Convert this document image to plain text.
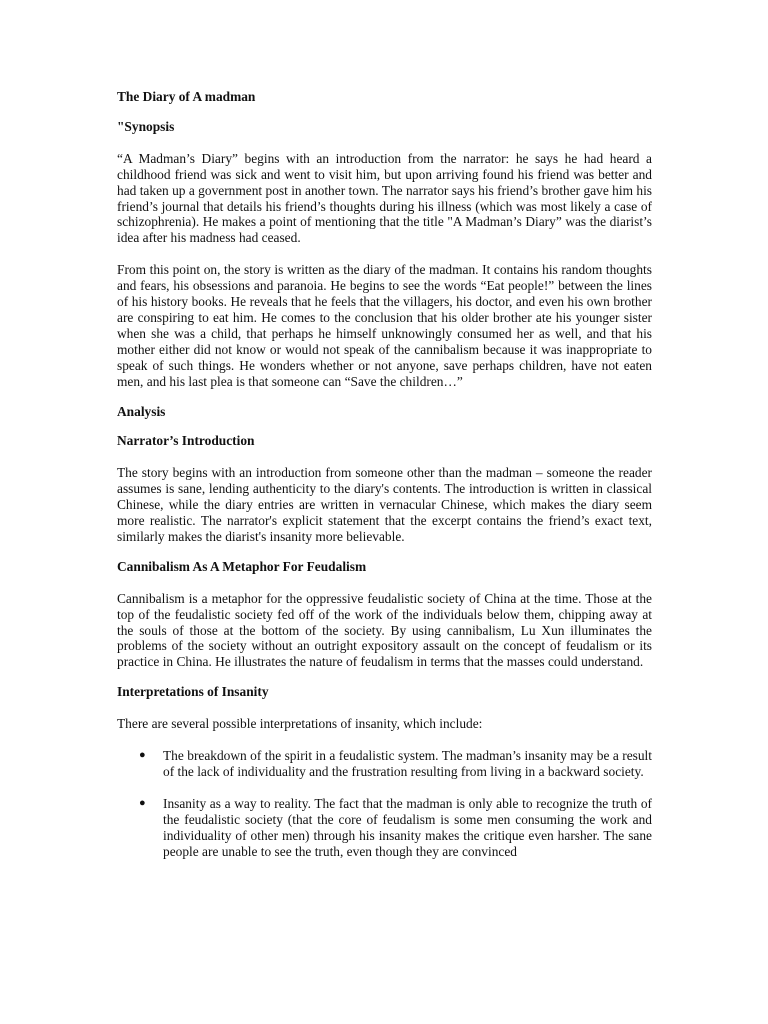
The Diary of A madman
"Synopsis

“A Madman’s Diary” begins with an introduction from the narrator: he says he had heard a childhood friend was sick and went to visit him, but upon arriving found his friend was better and had taken up a government post in another town. The narrator says his friend’s brother gave him his friend’s journal that details his friend’s thoughts during his illness (which was most likely a case of schizophrenia). He makes a point of mentioning that the title "A Madman’s Diary” was the diarist’s idea after his madness had ceased.

From this point on, the story is written as the diary of the madman. It contains his random thoughts and fears, his obsessions and paranoia. He begins to see the words “Eat people!” between the lines of his history books. He reveals that he feels that the villagers, his doctor, and even his own brother are conspiring to eat him. He comes to the conclusion that his older brother ate his younger sister when she was a child, that perhaps he himself unknowingly consumed her as well, and that his mother either did not know or would not speak of the cannibalism because it was inappropriate to speak of such things. He wonders whether or not anyone, save perhaps children, have not eaten men, and his last plea is that someone can “Save the children…”

Analysis
Narrator’s Introduction

The story begins with an introduction from someone other than the madman – someone the reader assumes is sane, lending authenticity to the diary's contents. The introduction is written in classical Chinese, while the diary entries are written in vernacular Chinese, which makes the diary seem more realistic. The narrator's explicit statement that the excerpt contains the friend’s exact text, similarly makes the diarist's insanity more believable.

Cannibalism As A Metaphor For Feudalism

Cannibalism is a metaphor for the oppressive feudalistic society of China at the time. Those at the top of the feudalistic society fed off of the work of the individuals below them, chipping away at the souls of those at the bottom of the society. By using cannibalism, Lu Xun illuminates the problems of the society without an outright expository assault on the concept of feudalism or its practice in China. He illustrates the nature of feudalism in terms that the masses could understand.

Interpretations of Insanity

There are several possible interpretations of insanity, which include:

● The breakdown of the spirit in a feudalistic system. The madman’s insanity may be a result of the lack of individuality and the frustration resulting from living in a backward society.
● Insanity as a way to reality. The fact that the madman is only able to recognize the truth of the feudalistic society (that the core of feudalism is some men consuming the work and individuality of other men) through his insanity makes the critique even harsher. The sane people are unable to see the truth, even though they are convinced
